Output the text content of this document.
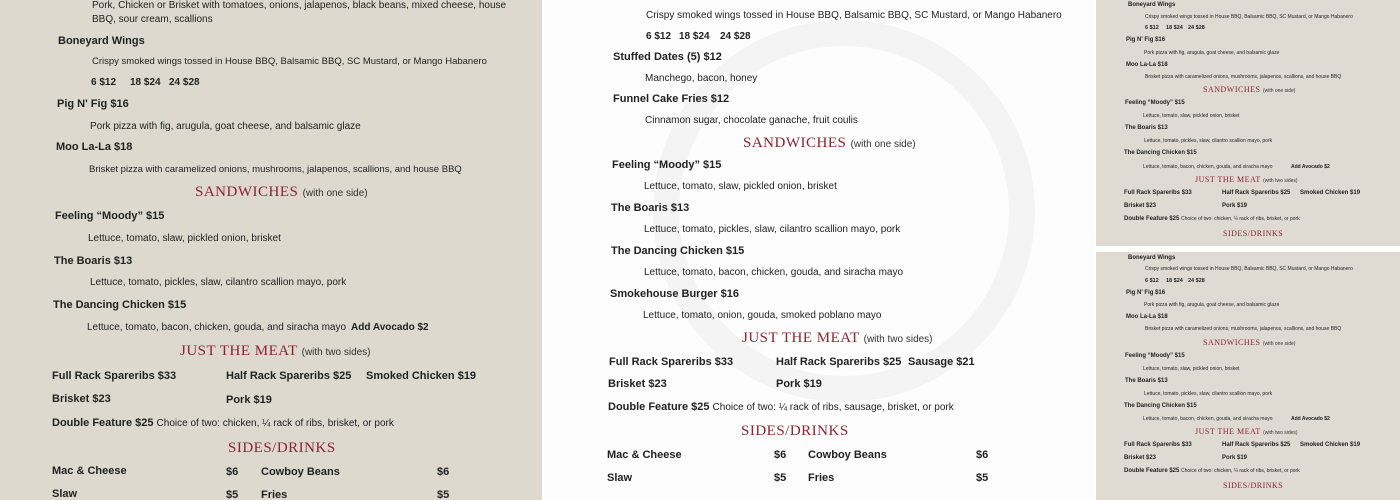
Pork, Chicken or Brisket with tomatoes, onions, jalapenos, black beans, mixed cheese, house
BBQ, sour cream, scallions
Boneyard Wings
Crispy smoked wings tossed in House BBQ, Balsamic BBQ, SC Mustard, or Mango Habanero
6 $12 18 $24 24 $28
Pig N' Fig $16
Pork pizza with fig, arugula, goat cheese, and balsamic glaze
Moo La-La $18
Brisket pizza with caramelized onions, mushrooms, jalapenos, scallions, and house BBQ
SANDWICHES (with one side)
Feeling “Moody” $15
Lettuce, tomato, slaw, pickled onion, brisket
The Boaris $13
Lettuce, tomato, pickles, slaw, cilantro scallion mayo, pork
The Dancing Chicken $15
Lettuce, tomato, bacon, chicken, gouda, and siracha mayo Add Avocado $2
JUST THE MEAT (with two sides)
Full Rack Spareribs $33	Half Rack Spareribs $25 Smoked Chicken $19
Brisket $23	Pork $19
Double Feature $25 Choice of two: chicken, ¼ rack of ribs, brisket, or pork
SIDES/DRINKS
Mac & Cheese	$6 Cowboy Beans	$6
Slaw	$5 Fries	$5
Crispy smoked wings tossed in House BBQ, Balsamic BBQ, SC Mustard, or Mango Habanero
6 $12 18 $24 24 $28
Stuffed Dates (5) $12
Manchego, bacon, honey
Funnel Cake Fries $12
Cinnamon sugar, chocolate ganache, fruit coulis
SANDWICHES (with one side)
Feeling “Moody” $15
Lettuce, tomato, slaw, pickled onion, brisket
The Boaris $13
Lettuce, tomato, pickles, slaw, cilantro scallion mayo, pork
The Dancing Chicken $15
Lettuce, tomato, bacon, chicken, gouda, and siracha mayo
Smokehouse Burger $16
Lettuce, tomato, onion, gouda, smoked poblano mayo
JUST THE MEAT (with two sides)
Full Rack Spareribs $33	Half Rack Spareribs $25 Sausage $21
Brisket $23	Pork $19
Double Feature $25 Choice of two: ¼ rack of ribs, sausage, brisket, or pork
SIDES/DRINKS
Mac & Cheese	$6 Cowboy Beans	$6
Slaw	$5 Fries	$5
Boneyard Wings
Crispy smoked wings tossed in House BBQ, Balsamic BBQ, SC Mustard, or Mango Habanero
6 $12 18 $24 24 $28
Pig N' Fig $16
Pork pizza with fig, arugula, goat cheese, and balsamic glaze
Moo La-La $18
Brisket pizza with caramelized onions, mushrooms, jalapenos, scallions, and house BBQ
SANDWICHES (with one side)
Feeling “Moody” $15
Lettuce, tomato, slaw, pickled onion, brisket
The Boaris $13
Lettuce, tomato, pickles, slaw, cilantro scallion mayo, pork
The Dancing Chicken $15
Lettuce, tomato, bacon, chicken, gouda, and siracha mayo	Add Avocado $2
JUST THE MEAT (with two sides)
Full Rack Spareribs $33	Half Rack Spareribs $25 Smoked Chicken $19
Brisket $23	Pork $19
Double Feature $25 Choice of two: chicken, ¼ rack of ribs, brisket, or pork
SIDES/DRINKS
Boneyard Wings
Crispy smoked wings tossed in House BBQ, Balsamic BBQ, SC Mustard, or Mango Habanero
6 $12 18 $24 24 $28
Pig N' Fig $16
Pork pizza with fig, arugula, goat cheese, and balsamic glaze
Moo La-La $18
Brisket pizza with caramelized onions, mushrooms, jalapenos, scallions, and house BBQ
SANDWICHES (with one side)
Feeling “Moody” $15
Lettuce, tomato, slaw, pickled onion, brisket
The Boaris $13
Lettuce, tomato, pickles, slaw, cilantro scallion mayo, pork
The Dancing Chicken $15
Lettuce, tomato, bacon, chicken, gouda, and siracha mayo	Add Avocado $2
JUST THE MEAT (with two sides)
Full Rack Spareribs $33	Half Rack Spareribs $25 Smoked Chicken $19
Brisket $23	Pork $19
Double Feature $25 Choice of two: chicken, ¼ rack of ribs, brisket, or pork
SIDES/DRINKS
